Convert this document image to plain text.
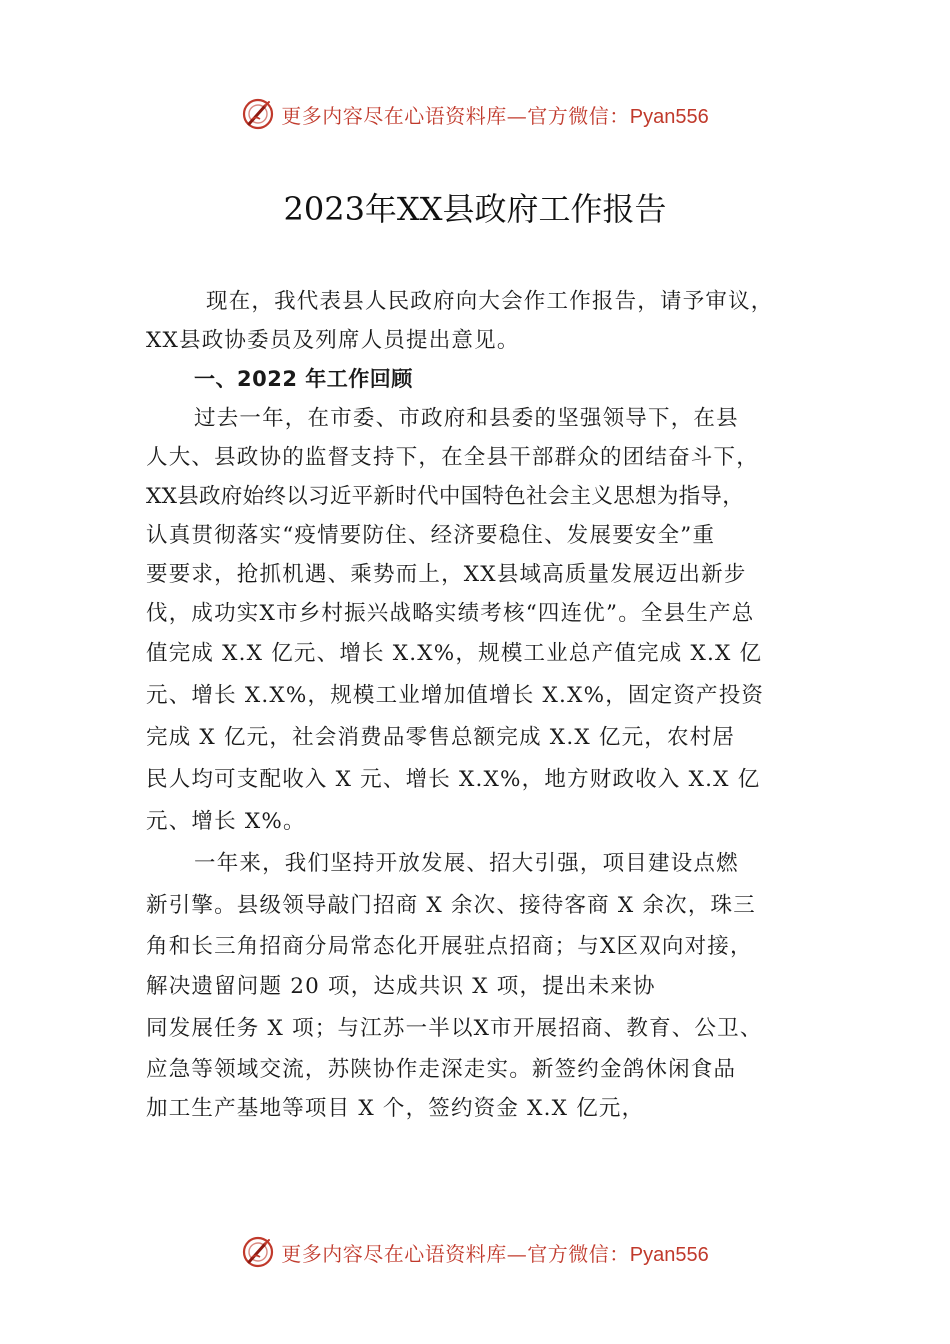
更多内容尽在心语资料库—官方微信：Pyan556
2023年XX县政府工作报告
现在，我代表县人民政府向大会作工作报告，请予审议，
XX县政协委员及列席人员提出意见。
一、2022 年工作回顾
过去一年，在市委、市政府和县委的坚强领导下，在县
人大、县政协的监督支持下，在全县干部群众的团结奋斗下，
XX县政府始终以习近平新时代中国特色社会主义思想为指导，
认真贯彻落实“疫情要防住、经济要稳住、发展要安全”重
要要求，抢抓机遇、乘势而上，XX县域高质量发展迈出新步
伐，成功实X市乡村振兴战略实绩考核“四连优”。全县生产总
值完成 X.X 亿元、增长 X.X%，规模工业总产值完成 X.X 亿
元、增长 X.X%，规模工业增加值增长 X.X%，固定资产投资
完成 X 亿元，社会消费品零售总额完成 X.X 亿元，农村居
民人均可支配收入 X 元、增长 X.X%，地方财政收入 X.X 亿
元、增长 X%。
一年来，我们坚持开放发展、招大引强，项目建设点燃
新引擎。县级领导敲门招商 X 余次、接待客商 X 余次，珠三
角和长三角招商分局常态化开展驻点招商；与X区双向对接，
解决遗留问题 20 项，达成共识 X 项，提出未来协
同发展任务 X 项；与江苏一半以X市开展招商、教育、公卫、
应急等领域交流，苏陕协作走深走实。新签约金鸽休闲食品
加工生产基地等项目 X 个，签约资金 X.X 亿元，
更多内容尽在心语资料库—官方微信：Pyan556
